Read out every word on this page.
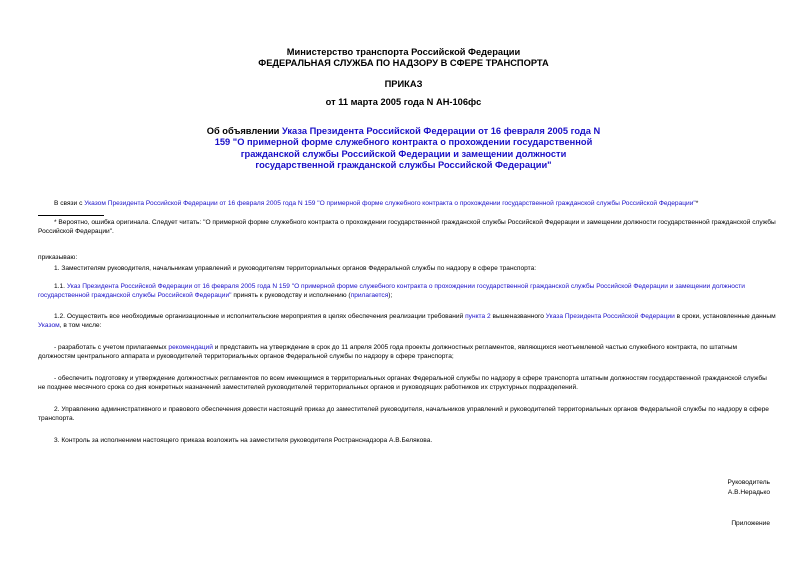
Министерство транспорта Российской Федерации
ФЕДЕРАЛЬНАЯ СЛУЖБА ПО НАДЗОРУ В СФЕРЕ ТРАНСПОРТА
ПРИКАЗ
от 11 марта 2005 года N АН-106фс
Об объявлении Указа Президента Российской Федерации от 16 февраля 2005 года N 159 "О примерной форме служебного контракта о прохождении государственной гражданской службы Российской Федерации и замещении должности государственной гражданской службы Российской Федерации"
В связи с Указом Президента Российской Федерации от 16 февраля 2005 года N 159 "О примерной форме служебного контракта о прохождении государственной гражданской службы Российской Федерации"*
* Вероятно, ошибка оригинала. Следует читать: "О примерной форме служебного контракта о прохождении государственной гражданской службы Российской Федерации и замещении должности государственной гражданской службы Российской Федерации".
приказываю:
1. Заместителям руководителя, начальникам управлений и руководителям территориальных органов Федеральной службы по надзору в сфере транспорта:
1.1. Указ Президента Российской Федерации от 16 февраля 2005 года N 159 "О примерной форме служебного контракта о прохождении государственной гражданской службы Российской Федерации и замещении должности государственной гражданской службы Российской Федерации" принять к руководству и исполнению (прилагается);
1.2. Осуществить все необходимые организационные и исполнительские мероприятия в целях обеспечения реализации требований пункта 2 вышеназванного Указа Президента Российской Федерации в сроки, установленные данным Указом, в том числе:
- разработать с учетом прилагаемых рекомендаций и представить на утверждение в срок до 11 апреля 2005 года проекты должностных регламентов, являющихся неотъемлемой частью служебного контракта, по штатным должностям центрального аппарата и руководителей территориальных органов Федеральной службы по надзору в сфере транспорта;
- обеспечить подготовку и утверждение должностных регламентов по всем имеющимся в территориальных органах Федеральной службы по надзору в сфере транспорта штатным должностям государственной гражданской службы не позднее месячного срока со дня конкретных назначений заместителей руководителей территориальных органов и руководящих работников их структурных подразделений.
2. Управлению административного и правового обеспечения довести настоящий приказ до заместителей руководителя, начальников управлений и руководителей территориальных органов Федеральной службы по надзору в сфере транспорта.
3. Контроль за исполнением настоящего приказа возложить на заместителя руководителя Ространснадзора А.В.Белякова.
Руководитель
А.В.Нерадько
Приложение
